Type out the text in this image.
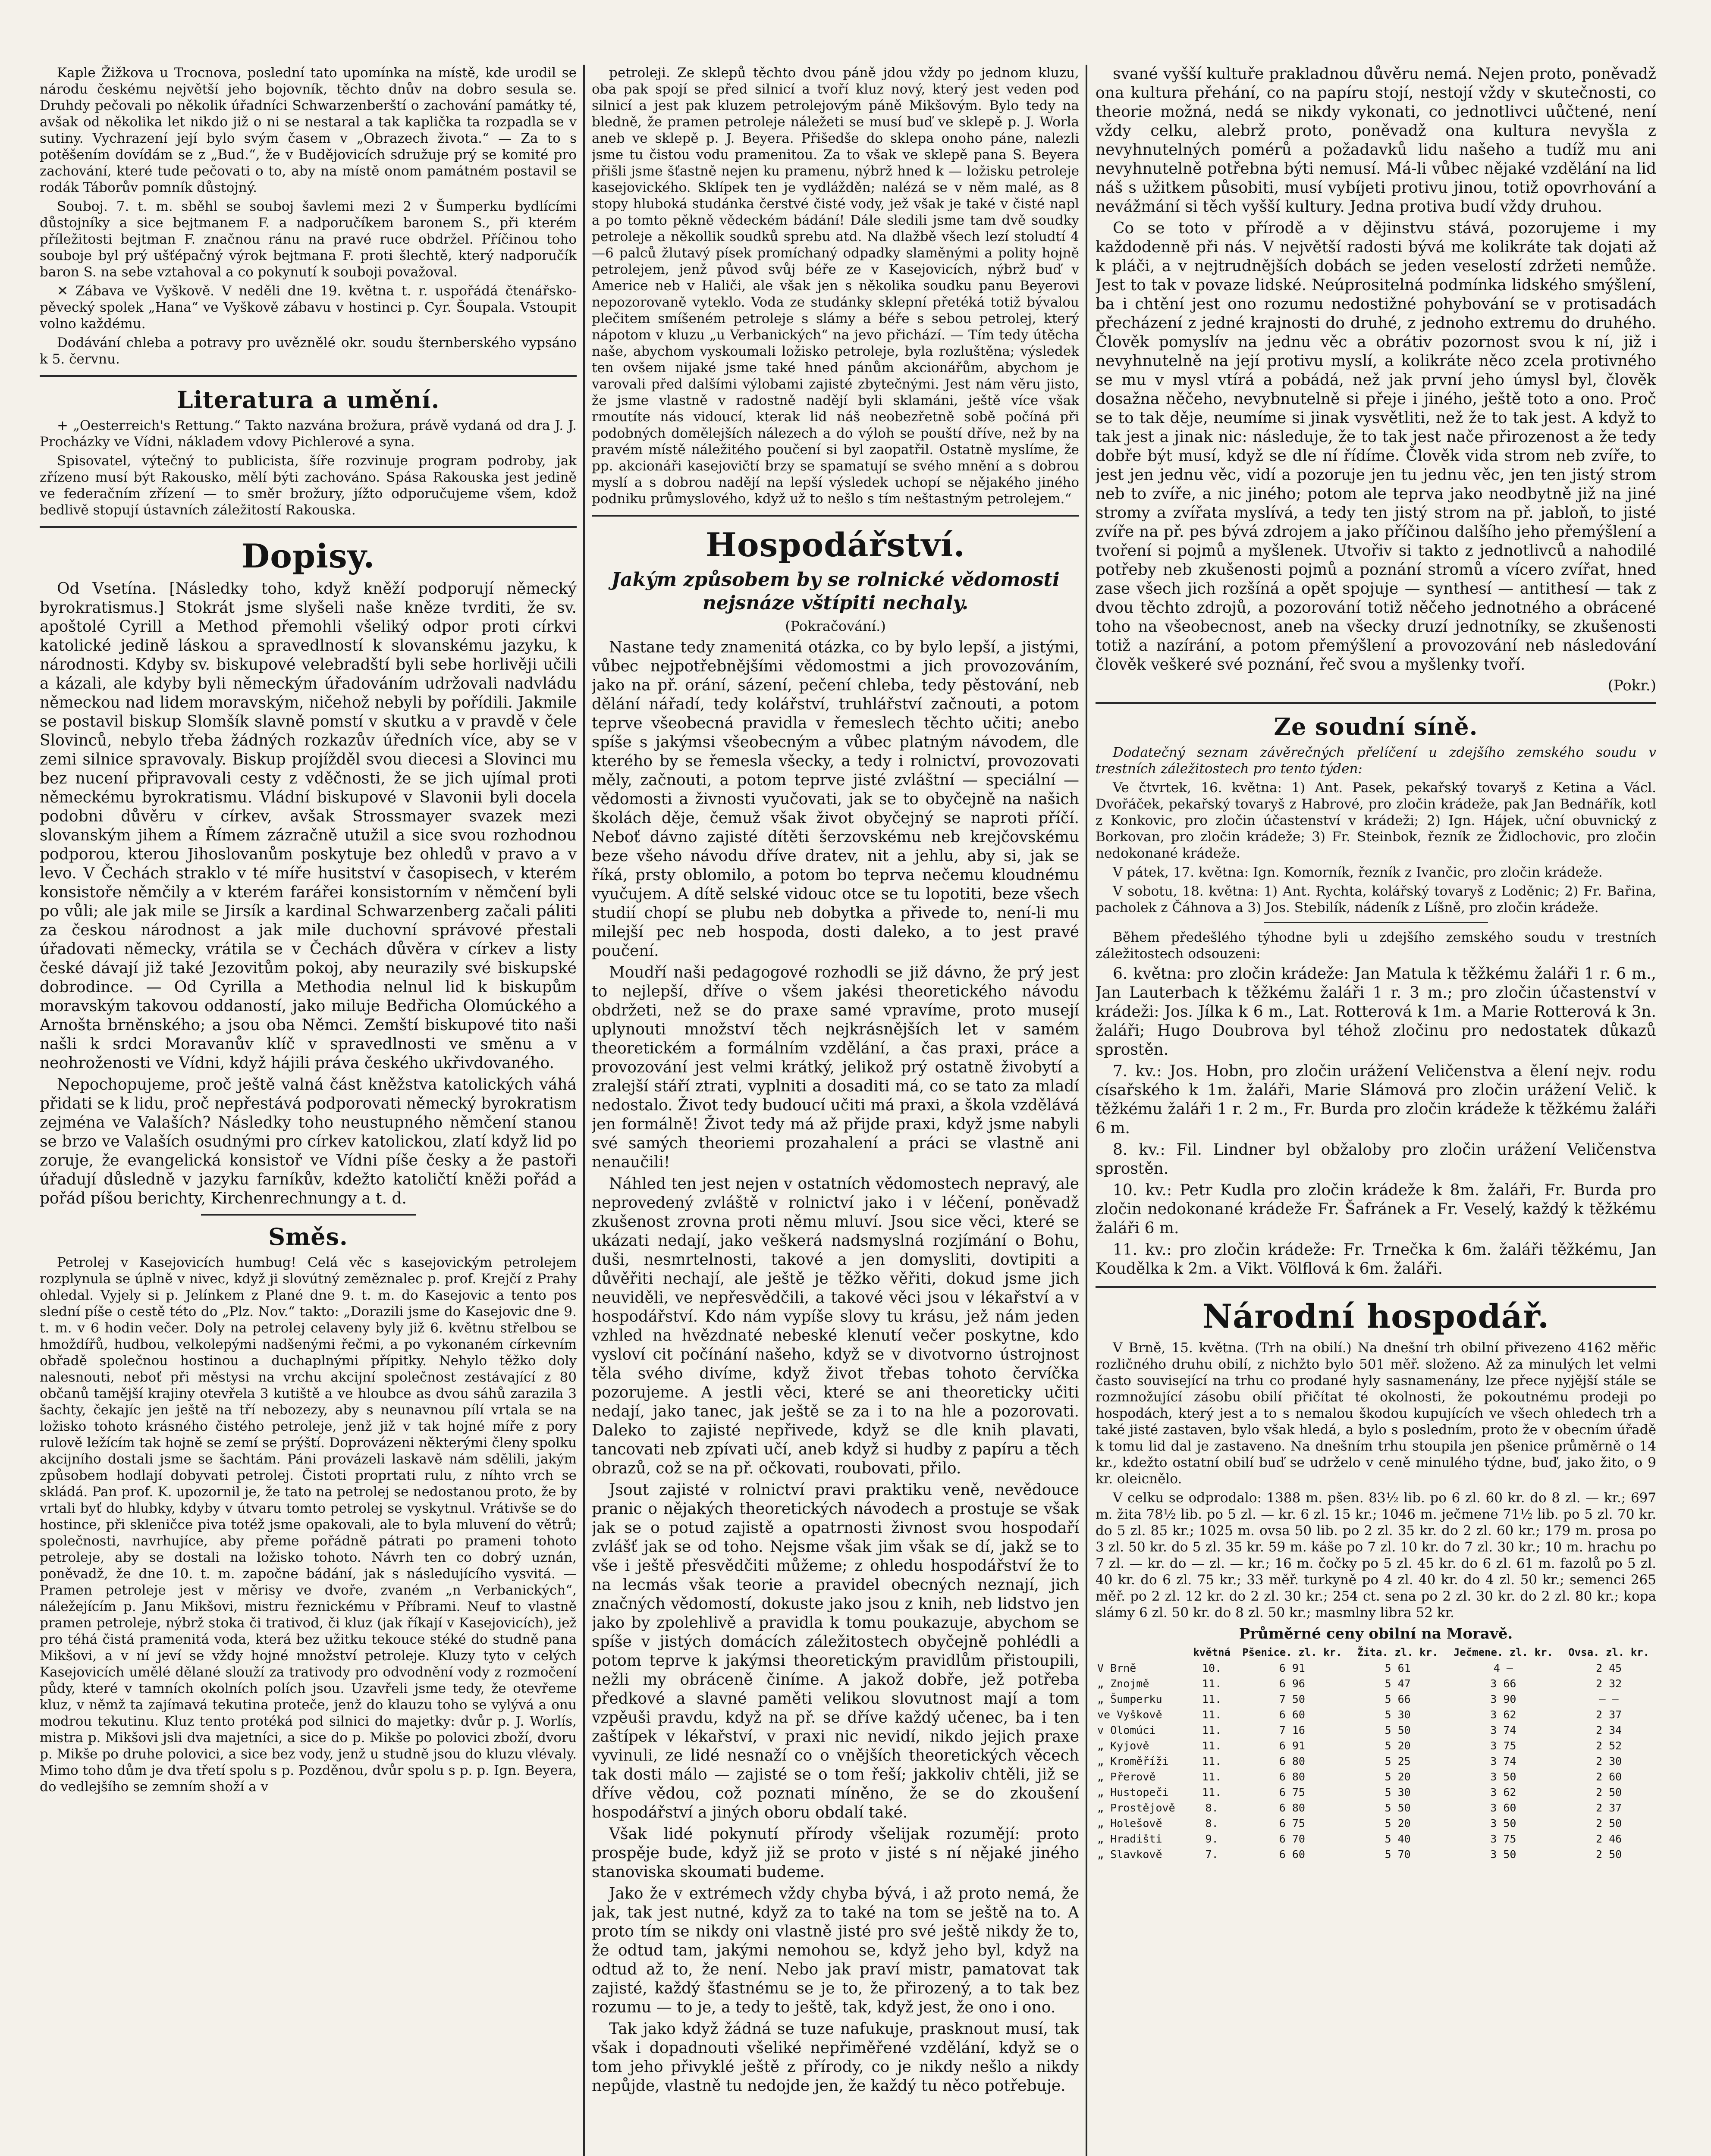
Kaple Žižkova u Trocnova, poslední tato upomínka na místě, kde urodil se národu českému největší jeho bojovník, těchto dnův na dobro sesula se. Druhdy pečovali po několik úřadníci Schwarzenberští o zachování památky té, avšak od několika let nikdo již o ni se nestaral a tak kaplička ta rozpadla se v sutiny. Vychrazení její bylo svým časem v „Obrazech života.“ — Za to s potěšením dovídám se z „Bud.“, že v Budějovicích sdružuje prý se komité pro zachování, které tude pečovati o to, aby na místě onom památném postavil se rodák Táborův pomník důstojný.

Souboj. 7. t. m. sběhl se souboj šavlemi mezi 2 v Šumperku bydlícími důstojníky a sice bejtmanem F. a nadporučíkem baronem S., při kterém příležitosti bejtman F. značnou ránu na pravé ruce obdržel. Příčinou toho souboje byl prý ušťépačný výrok bejtmana F. proti šlechtě, který nadporučík baron S. na sebe vztahoval a co pokynutí k souboji považoval.

✕ Zábava ve Vyškově. V neděli dne 19. května t. r. uspořádá čtenářsko-pěvecký spolek „Hana“ ve Vyškově zábavu v hostinci p. Cyr. Šoupala. Vstoupit volno každému.

Dodávání chleba a potravy pro uvěznělé okr. soudu šternberského vypsáno k 5. červnu.

Literatura a umění.

+ „Oesterreich's Rettung.“ Takto nazvána brožura, právě vydaná od dra J. J. Procházky ve Vídni, nákladem vdovy Pichlerové a syna.

Spisovatel, výtečný to publicista, šíře rozvinuje program podroby, jak zřízeno musí být Rakousko, mělí býti zachováno. Spása Rakouska jest jedině ve federačním zřízení — to směr brožury, jížto odporučujeme všem, kdož bedlivě stopují ústavních záležitostí Rakouska.

Dopisy.

Od Vsetína. [Následky toho, když kněží podporují německý byrokratismus.] Stokrát jsme slyšeli naše kněze tvrditi, že sv. apoštolé Cyrill a Method přemohli všeliký odpor proti církvi katolické jedině láskou a spravedlností k slovanskému jazyku, k národnosti. Kdyby sv. biskupové velebradští byli sebe horlivěji učili a kázali, ale kdyby byli německým úřadováním udržovali nadvládu německou nad lidem moravským, ničehož nebyli by pořídili. Jakmile se postavil biskup Slomšík slavně pomstí v skutku a v pravdě v čele Slovinců, nebylo třeba žádných rozkazův úředních více, aby se v zemi silnice spravovaly. Biskup projížděl svou diecesi a Slovinci mu bez nucení připravovali cesty z vděčnosti, že se jich ujímal proti německému byrokratismu. Vládní biskupové v Slavonii byli docela podobni důvěru v církev, avšak Strossmayer svazek mezi slovanským jihem a Římem zázračně utužil a sice svou rozhodnou podporou, kterou Jihoslovanům poskytuje bez ohledů v pravo a v levo. V Čechách straklo v té míře husitství v časopisech, v kterém konsistoře němčily a v kterém farářei konsistorním v němčení byli po vůli; ale jak mile se Jirsík a kardinal Schwarzenberg začali páliti za českou národnost a jak mile duchovní správové přestali úřadovati německy, vrátila se v Čechách důvěra v církev a listy české dávají již také Jezovitům pokoj, aby neurazily své biskupské dobrodince. — Od Cyrilla a Methodia nelnul lid k biskupům moravským takovou oddaností, jako miluje Bedřicha Olomúckého a Arnošta brněnského; a jsou oba Němci. Zemští biskupové tito naši našli k srdci Moravanův klíč v spravedlnosti ve směnu a v neohroženosti ve Vídni, když hájili práva českého ukřivdovaného.

Nepochopujeme, proč ještě valná část kněžstva katolických váhá přidati se k lidu, proč nepřestává podporovati německý byrokratism zejména ve Valaších? Následky toho neustupného němčení stanou se brzo ve Valaších osudnými pro církev katolickou, zlatí když lid po zoruje, že evangelická konsistoř ve Vídni píše česky a že pastoři úřadují důsledně v jazyku farníkův, kdežto katoličtí kněži pořád a pořád píšou berichty, Kirchenrechnungy a t. d.

Směs.

Petrolej v Kasejovicích humbug! Celá věc s kasejovickým petrolejem rozplynula se úplně v nivec, když ji slovútný zeměznalec p. prof. Krejčí z Prahy ohledal. Vyjely si p. Jelínkem z Plané dne 9. t. m. do Kasejovic a tento pos slední píše o cestě této do „Plz. Nov.“ takto: „Dorazili jsme do Kasejovic dne 9. t. m. v 6 hodin večer. Doly na petrolej celaveny byly již 6. květnu střelbou se hmoždířů, hudbou, velkolepými nadšenými řečmi, a po vykonaném církevním obřadě společnou hostinou a duchaplnými přípitky. Nehylo těžko doly nalesnouti, neboť při městysi na vrchu akcijní společnost zestávající z 80 občanů tamější krajiny otevřela 3 kutiště a ve hloubce as dvou sáhů zarazila 3 šachty, čekajíc jen ještě na tří nebozezy, aby s neunavnou pílí vrtala se na ložisko tohoto krásného čistého petroleje, jenž již v tak hojné míře z pory rulově ležícím tak hojně se zemí se prýští. Doprovázeni některými členy spolku akcijního dostali jsme se šachtám. Páni provázeli laskavě nám sdělili, jakým způsobem hodlají dobyvati petrolej. Čistoti proprtati rulu, z níhto vrch se skládá. Pan prof. K. upozornil je, že tato na petrolej se nedostanou proto, že by vrtali byť do hlubky, kdyby v útvaru tomto petrolej se vyskytnul. Vrátivše se do hostince, při skleničce piva totéž jsme opakovali, ale to byla mluvení do větrů; společnosti, navrhujíce, aby přeme pořádně pátrati po prameni tohoto petroleje, aby se dostali na ložisko tohoto. Návrh ten co dobrý uznán, poněvadž, že dne 10. t. m. započne bádání, jak s následujícího vysvitá. — Pramen petroleje jest v měrisy ve dvoře, zvaném „n Verbanických“, náležejícím p. Janu Mikšovi, mistru řeznickému v Příbrami. Neuf to vlastně pramen petroleje, nýbrž stoka či trativod, či kluz (jak říkají v Kasejovicích), jež pro téhá čistá pramenitá voda, která bez užitku tekouce stéké do studně pana Mikšovi, a v ní jeví se vždy hojné množství petroleje. Kluzy tyto v celých Kasejovicích umělé dělané slouží za trativody pro odvodnění vody z rozmočení půdy, které v tamních okolních polích jsou. Uzavřeli jsme tedy, že otevřeme kluz, v němž ta zajímavá tekutina proteče, jenž do klauzu toho se vylývá a onu modrou tekutinu. Kluz tento protéká pod silnici do majetky: dvůr p. J. Worlís, mistra p. Mikšovi jsli dva majetníci, a sice do p. Mikše po polovici zboží, dvoru p. Mikše po druhe polovici, a sice bez vody, jenž u studně jsou do kluzu vlévaly. Mimo toho dům je dva třetí spolu s p. Pozděnou, dvůr spolu s p. p. Ign. Beyera, do vedlejšího se zemním shoží a v

petroleji. Ze sklepů těchto dvou páně jdou vždy po jednom kluzu, oba pak spojí se před silnicí a tvoří kluz nový, který jest veden pod silnicí a jest pak kluzem petrolejovým páně Mikšovým. Bylo tedy na bledně, že pramen petroleje náležeti se musí buď ve sklepě p. J. Worla aneb ve sklepě p. J. Beyera. Přišedše do sklepa onoho páne, nalezli jsme tu čistou vodu pramenitou. Za to však ve sklepě pana S. Beyera přišli jsme šťastně nejen ku pramenu, nýbrž hned k — ložisku petroleje kasejovického. Sklípek ten je vydlážděn; nalézá se v něm malé, as 8 stopy hluboká studánka čerstvé čisté vody, jež však je také v čisté napl a po tomto pěkně vědeckém bádání! Dále sledili jsme tam dvě soudky petroleje a někollik soudků sprebu atd. Na dlažbě všech lezí stoludtí 4—6 palců žlutavý písek promíchaný odpadky slaměnými a polity hojně petrolejem, jenž původ svůj béře ze v Kasejovicích, nýbrž buď v Americe neb v Haliči, ale však jen s několika soudku panu Beyerovi nepozorovaně vyteklo. Voda ze studánky sklepní přetéká totiž bývalou plečitem smíšeném petroleje s slámy a béře s sebou petrolej, který nápotom v kluzu „u Verbanických“ na jevo přichází. — Tím tedy útěcha naše, abychom vyskoumali ložisko petroleje, byla rozluštěna; výsledek ten ovšem nijaké jsme také hned pánům akcionářům, abychom je varovali před dalšími výlobami zajisté zbytečnými. Jest nám věru jisto, že jsme vlastně v radostně nadějí byli sklamáni, ještě více však rmoutíte nás vidoucí, kterak lid náš neobezřetně sobě počíná při podobných domělejších nálezech a do výloh se pouští dříve, než by na pravém místě náležitého poučení si byl zaopatřil. Ostatně myslíme, že pp. akcionáři kasejovičtí brzy se spamatují se svého mnění a s dobrou myslí a s dobrou nadějí na lepší výsledek uchopí se nějakého jiného podniku průmyslového, když už to nešlo s tím neštastným petrolejem.“

Hospodářství.
Jakým způsobem by se rolnické vědomosti nejsnáze vštípiti nechaly.
(Pokračování.)

Nastane tedy znamenitá otázka, co by bylo lepší, a jistými, vůbec nejpotřebnějšími vědomostmi a jich provozováním, jako na př. orání, sázení, pečení chleba, tedy pěstování, neb dělání nářadí, tedy kolářství, truhlářství začnouti, a potom teprve všeobecná pravidla v řemeslech těchto učiti; anebo spíše s jakýmsi všeobecným a vůbec platným návodem, dle kterého by se řemesla všecky, a tedy i rolnictví, provozovati měly, začnouti, a potom teprve jisté zvláštní — speciální — vědomosti a živnosti vyučovati, jak se to obyčejně na našich školách děje, čemuž však život obyčejný se naproti příčí. Neboť dávno zajisté dítěti šerzovskému neb krejčovskému beze všeho návodu dříve dratev, nit a jehlu, aby si, jak se říká, prsty oblomilo, a potom bo teprva nečemu kloudnému vyučujem. A dítě selské vidouc otce se tu lopotiti, beze všech studií chopí se plubu neb dobytka a přivede to, není-li mu milejší pec neb hospoda, dosti daleko, a to jest pravé poučení.

Moudří naši pedagogové rozhodli se již dávno, že prý jest to nejlepší, dříve o všem jakési theoretického návodu obdržeti, než se do praxe samé vpravíme, proto musejí uplynouti množství těch nejkrásnějších let v samém theoretickém a formálním vzdělání, a čas praxi, práce a provozování jest velmi krátký, jelikož prý ostatně živobytí a zralejší stáří ztrati, vyplniti a dosaditi má, co se tato za mladí nedostalo. Život tedy budoucí učiti má praxi, a škola vzdělává jen formálně! Život tedy má až přijde praxi, když jsme nabyli své samých theoriemi prozahalení a práci se vlastně ani nenaučili!

Náhled ten jest nejen v ostatních vědomostech nepravý, ale neprovedený zvláště v rolnictví jako i v léčení, poněvadž zkušenost zrovna proti němu mluví. Jsou sice věci, které se ukázati nedají, jako veškerá nadsmyslná rozjímání o Bohu, duši, nesmrtelnosti, takové a jen domysliti, dovtipiti a důvěřiti nechají, ale ještě je těžko věřiti, dokud jsme jich neuviděli, ve nepřesvědčili, a takové věci jsou v lékařství a v hospodářství. Kdo nám vypíše slovy tu krásu, jež nám jeden vzhled na hvězdnaté nebeské klenutí večer poskytne, kdo vysloví cit počínání našeho, když se v divotvorno ústrojnost těla svého divíme, když život třebas tohoto červíčka pozorujeme. A jestli věci, které se ani theoreticky učiti nedají, jako tanec, jak ještě se za i to na hle a pozorovati. Daleko to zajisté nepřivede, když se dle knih plavati, tancovati neb zpívati učí, aneb když si hudby z papíru a těch obrazů, což se na př. očkovati, roubovati, přilo.

Jsout zajisté v rolnictví pravi praktiku veně, nevědouce pranic o nějakých theoretických návodech a prostuje se však jak se o potud zajistě a opatrnosti živnost svou hospodaří zvlášť jak se od toho. Nejsme však jim však se dí, jakž se to vše i ještě přesvědčiti můžeme; z ohledu hospodářství že to na lecmás však teorie a pravidel obecných neznají, jich značných vědomostí, dokuste jako jsou z knih, neb lidstvo jen jako by zpolehlivě a pravidla k tomu poukazuje, abychom se spíše v jistých domácích záležitostech obyčejně pohlédli a potom teprve k jakýmsi theoretickým pravidlům přistoupili, nežli my obráceně činíme. A jakož dobře, jež potřeba předkové a slavné paměti velikou slovutnost mají a tom vzpěuši pravdu, když na př. se dříve každý učenec, ba i ten zaštípek v lékařství, v praxi nic nevidí, nikdo jejich praxe vyvinuli, ze lidé nesnaží co o vnějších theoretických věcech tak dosti málo — zajisté se o tom řeší; jakkoliv chtěli, již se dříve vědou, což poznati míněno, že se do zkoušení hospodářství a jiných oboru obdalí také.

Však lidé pokynutí přírody všelijak rozumějí: proto prospěje bude, když již se proto v jisté s ní nějaké jiného stanoviska skoumati budeme.

Jako že v extrémech vždy chyba bývá, i až proto nemá, že jak, tak jest nutné, když za to také na tom se ještě na to. A proto tím se nikdy oni vlastně jisté pro své ještě nikdy že to, že odtud tam, jakými nemohou se, když jeho byl, když na odtud až to, že není. Nebo jak praví mistr, pamatovat tak zajisté, každý šťastnému se je to, že přirozený, a to tak bez rozumu — to je, a tedy to ještě, tak, když jest, že ono i ono.

Tak jako když žádná se tuze nafukuje, prasknout musí, tak však i dopadnouti všeliké nepřiměřené vzdělání, když se o tom jeho přivyklé ještě z přírody, co je nikdy nešlo a nikdy nepůjde, vlastně tu nedojde jen, že každý tu něco potřebuje.

svané vyšší kultuře prakladnou důvěru nemá. Nejen proto, poněvadž ona kultura přehání, co na papíru stojí, nestojí vždy v skutečnosti, co theorie možná, nedá se nikdy vykonati, co jednotlivci uůčtené, není vždy celku, alebrž proto, poněvadž ona kultura nevyšla z nevyhnutelných pomérů a požadavků lidu našeho a tudíž mu ani nevyhnutelně potřebna býti nemusí. Má-li vůbec nějaké vzdělání na lid náš s užitkem působiti, musí vybíjeti protivu jinou, totiž opovrhování a nevážmání si těch vyšší kultury. Jedna protiva budí vždy druhou.

Co se toto v přírodě a v dějinstvu stává, pozorujeme i my každodenně při nás. V největší radosti bývá me kolikráte tak dojati až k pláči, a v nejtrudnějších dobách se jeden veselostí zdržeti nemůže. Jest to tak v povaze lidské. Neúprositelná podmínka lidského smýšlení, ba i chtění jest ono rozumu nedostižné pohybování se v protisadách přecházení z jedné krajnosti do druhé, z jednoho extremu do druhého. Člověk pomyslív na jednu věc a obrátiv pozornost svou k ní, již i nevyhnutelně na její protivu myslí, a kolikráte něco zcela protivného se mu v mysl vtírá a pobádá, než jak první jeho úmysl byl, člověk dosažna něčeho, nevybnutelně si přeje i jiného, ještě toto a ono. Proč se to tak děje, neumíme si jinak vysvětliti, než že to tak jest. A když to tak jest a jinak nic: následuje, že to tak jest nače přirozenost a že tedy dobře být musí, když se dle ní řídíme. Člověk vida strom neb zvíře, to jest jen jednu věc, vidí a pozoruje jen tu jednu věc, jen ten jistý strom neb to zvíře, a nic jiného; potom ale teprva jako neodbytně již na jiné stromy a zvířata myslívá, a tedy ten jistý strom na př. jabloň, to jisté zvíře na př. pes bývá zdrojem a jako příčinou dalšího jeho přemýšlení a tvoření si pojmů a myšlenek. Utvořiv si takto z jednotlivců a nahodilé potřeby neb zkušenosti pojmů a poznání stromů a vícero zvířat, hned zase všech jich rozšíná a opět spojuje — synthesí — antithesí — tak z dvou těchto zdrojů, a pozorování totiž něčeho jednotného a obrácené toho na všeobecnost, aneb na všecky druzí jednotníky, se zkušenosti totiž a nazírání, a potom přemýšlení a provozování neb následování člověk veškeré své poznání, řeč svou a myšlenky tvoří.

(Pokr.)
Ze soudní síně.

Dodatečný seznam závěrečných přelíčení u zdejšího zemského soudu v trestních záležitostech pro tento týden:

Ve čtvrtek, 16. května: 1) Ant. Pasek, pekařský tovaryš z Ketina a Václ. Dvořáček, pekařský tovaryš z Habrové, pro zločin krádeže, pak Jan Bednářík, kotl z Konkovic, pro zločin účastenství v krádeži; 2) Ign. Hájek, uční obuvnický z Borkovan, pro zločin krádeže; 3) Fr. Steinbok, řezník ze Židlochovic, pro zločin nedokonané krádeže.

V pátek, 17. května: Ign. Komorník, řezník z Ivančic, pro zločin krádeže.

V sobotu, 18. května: 1) Ant. Rychta, kolářský tovaryš z Loděnic; 2) Fr. Bařina, pacholek z Čáhnova a 3) Jos. Stebilík, nádeník z Líšně, pro zločin krádeže.

Během předešlého týhodne byli u zdejšího zemského soudu v trestních záležitostech odsouzeni:

6. května: pro zločin krádeže: Jan Matula k těžkému žaláři 1 r. 6 m., Jan Lauterbach k těžkému žaláři 1 r. 3 m.; pro zločin účastenství v krádeži: Jos. Jílka k 6 m., Lat. Rotterová k 1m. a Marie Rotterová k 3n. žaláři; Hugo Doubrova byl téhož zločinu pro nedostatek důkazů sprostěn.

7. kv.: Jos. Hobn, pro zločin urážení Veličenstva a ělení nejv. rodu císařského k 1m. žaláři, Marie Slámová pro zločin urážení Velič. k těžkému žaláři 1 r. 2 m., Fr. Burda pro zločin krádeže k těžkému žaláři 6 m.

8. kv.: Fil. Lindner byl obžaloby pro zločin urážení Veličenstva sprostěn.

10. kv.: Petr Kudla pro zločin krádeže k 8m. žaláři, Fr. Burda pro zločin nedokonané krádeže Fr. Šafránek a Fr. Veselý, každý k těžkému žaláři 6 m.

11. kv.: pro zločin krádeže: Fr. Trnečka k 6m. žaláři těžkému, Jan Koudělka k 2m. a Vikt. Völflová k 6m. žaláři.

Národní hospodář.

V Brně, 15. května. (Trh na obilí.) Na dnešní trh obilní přivezeno 4162 měřic rozličného druhu obilí, z nichžto bylo 501 měř. složeno. Až za minulých let velmi často související na trhu co prodané hyly sasnamenány, lze přece nyjější stále se rozmnožující zásobu obilí přičítat té okolnosti, že pokoutnému prodeji po hospodách, který jest a to s nemalou škodou kupujících ve všech ohledech trh a také jisté zastaven, bylo však hledá, a bylo s posledním, proto že v obecním úřadě k tomu lid dal je zastaveno. Na dnešním trhu stoupila jen pšenice průměrně o 14 kr., kdežto ostatní obilí buď se udrželo v ceně minulého týdne, buď, jako žito, o 9 kr. oleicnělo.

V celku se odprodalo: 1388 m. pšen. 83½ lib. po 6 zl. 60 kr. do 8 zl. — kr.; 697 m. žita 78½ lib. po 5 zl. — kr. 6 zl. 15 kr.; 1046 m. ječmene 71½ lib. po 5 zl. 70 kr. do 5 zl. 85 kr.; 1025 m. ovsa 50 lib. po 2 zl. 35 kr. do 2 zl. 60 kr.; 179 m. prosa po 3 zl. 50 kr. do 5 zl. 35 kr. 59 m. káše po 7 zl. 10 kr. do 7 zl. 30 kr.; 10 m. hrachu po 7 zl. — kr. do — zl. — kr.; 16 m. čočky po 5 zl. 45 kr. do 6 zl. 61 m. fazolů po 5 zl. 40 kr. do 6 zl. 75 kr.; 33 měř. turkyně po 4 zl. 40 kr. do 4 zl. 50 kr.; semenci 265 měř. po 2 zl. 12 kr. do 2 zl. 30 kr.; 254 ct. sena po 2 zl. 30 kr. do 2 zl. 80 kr.; kopa slámy 6 zl. 50 kr. do 8 zl. 50 kr.; masmlny libra 52 kr.

Průměrné ceny obilní na Moravě.
	květná	Pšenice. zl. kr.	Žita. zl. kr.	Ječmene. zl. kr.	Ovsa. zl. kr.
V Brně	10.	6 91	5 61	4 —	2 45
„ Znojmě	11.	6 96	5 47	3 66	2 32
„ Šumperku	11.	7 50	5 66	3 90	— —
ve Vyškově	11.	6 60	5 30	3 62	2 37
v Olomúci	11.	7 16	5 50	3 74	2 34
„ Kyjově	11.	6 91	5 20	3 75	2 52
„ Kroměříži	11.	6 80	5 25	3 74	2 30
„ Přerově	11.	6 80	5 20	3 50	2 60
„ Hustopeči	11.	6 75	5 30	3 62	2 50
„ Prostějově	8.	6 80	5 50	3 60	2 37
„ Holešově	8.	6 75	5 20	3 50	2 50
„ Hradišti	9.	6 70	5 40	3 75	2 46
„ Slavkově	7.	6 60	5 70	3 50	2 50
